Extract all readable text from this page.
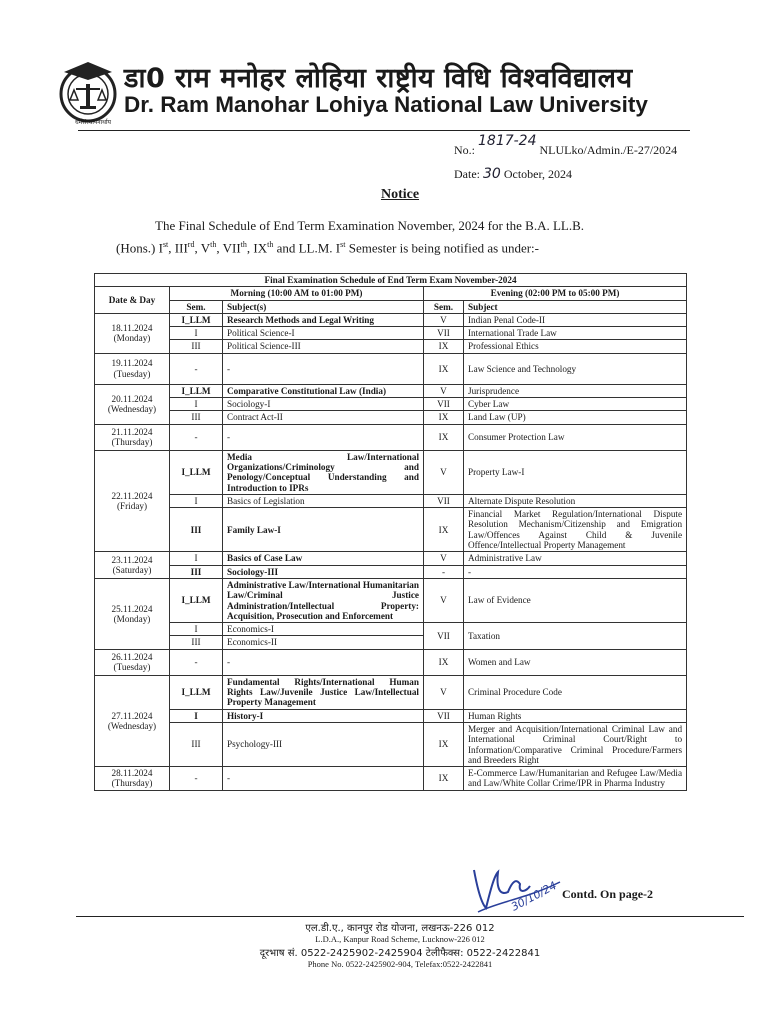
धर्मसंस्थापनार्थाय
डा0 राम मनोहर लोहिया राष्ट्रीय विधि विश्वविद्यालय
Dr. Ram Manohar Lohiya National Law University
No.: 1817-24 NLULko/Admin./E-27/2024
Date: 30 October, 2024
Notice
The Final Schedule of End Term Examination November, 2024 for the B.A. LL.B.
(Hons.) Ist, IIIrd, Vth, VIIth, IXth and LL.M. Ist Semester is being notified as under:-
Final Examination Schedule of End Term Exam November-2024				
Date & Day	Morning (10:00 AM to 01:00 PM)		Evening (02:00 PM to 05:00 PM)	
	Sem.	Subject(s)	Sem.	Subject
18.11.2024
(Monday)	I_LLM	Research Methods and Legal Writing	V	Indian Penal Code-II
	I	Political Science-I	VII	International Trade Law
	III	Political Science-III	IX	Professional Ethics
19.11.2024
(Tuesday)	-	-	IX	Law Science and Technology
20.11.2024
(Wednesday)	I_LLM	Comparative Constitutional Law (India)	V	Jurisprudence
	I	Sociology-I	VII	Cyber Law
	III	Contract Act-II	IX	Land Law (UP)
21.11.2024
(Thursday)	-	-	IX	Consumer Protection Law
22.11.2024
(Friday)	I_LLM	Media Law/International Organizations/Criminology and Penology/Conceptual Understanding and Introduction to IPRs	V	Property Law-I
	I	Basics of Legislation	VII	Alternate Dispute Resolution
	III	Family Law-I	IX	Financial Market Regulation/International Dispute Resolution Mechanism/Citizenship and Emigration Law/Offences Against Child & Juvenile Offence/Intellectual Property Management
23.11.2024
(Saturday)	I	Basics of Case Law	V	Administrative Law
	III	Sociology-III	-	-
25.11.2024
(Monday)	I_LLM	Administrative Law/International Humanitarian Law/Criminal Justice Administration/Intellectual Property: Acquisition, Prosecution and Enforcement	V	Law of Evidence
	I	Economics-I	VII	Taxation
	III	Economics-II		
26.11.2024
(Tuesday)	-	-	IX	Women and Law
27.11.2024
(Wednesday)	I_LLM	Fundamental Rights/International Human Rights Law/Juvenile Justice Law/Intellectual Property Management	V	Criminal Procedure Code
	I	History-I	VII	Human Rights
	III	Psychology-III	IX	Merger and Acquisition/International Criminal Law and International Criminal Court/Right to Information/Comparative Criminal Procedure/Farmers and Breeders Right
28.11.2024
(Thursday)	-	-	IX	E-Commerce Law/Humanitarian and Refugee Law/Media and Law/White Collar Crime/IPR in Pharma Industry
30/10/24 Contd. On page-2
एल.डी.ए., कानपुर रोड योजना, लखनऊ-226 012
L.D.A., Kanpur Road Scheme, Lucknow-226 012
दूरभाष सं. 0522-2425902-2425904 टेलीफैक्स: 0522-2422841
Phone No. 0522-2425902-904, Telefax:0522-2422841
